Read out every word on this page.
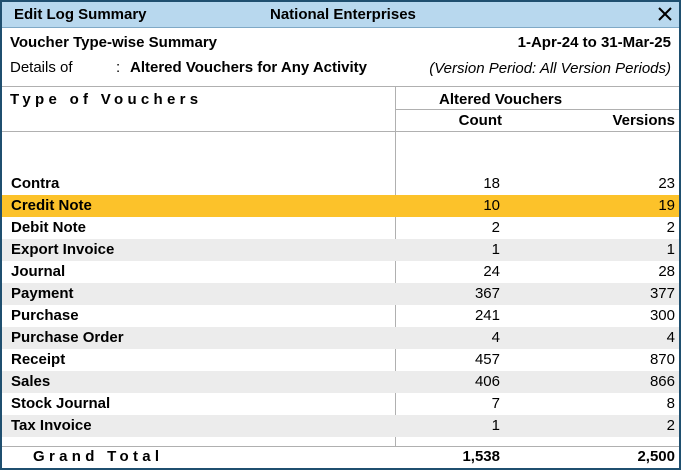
Edit Log Summary	National Enterprises
Voucher Type-wise Summary	1-Apr-24 to 31-Mar-25
Details of	: Altered Vouchers for Any Activity	(Version Period: All Version Periods)
Type of Vouchers	Altered Vouchers
Count	Versions
Contra	18	23
Credit Note	10	19
Debit Note	2	2
Export Invoice	1	1
Journal	24	28
Payment	367	377
Purchase	241	300
Purchase Order	4	4
Receipt	457	870
Sales	406	866
Stock Journal	7	8
Tax Invoice	1	2
Grand Total	1,538	2,500
